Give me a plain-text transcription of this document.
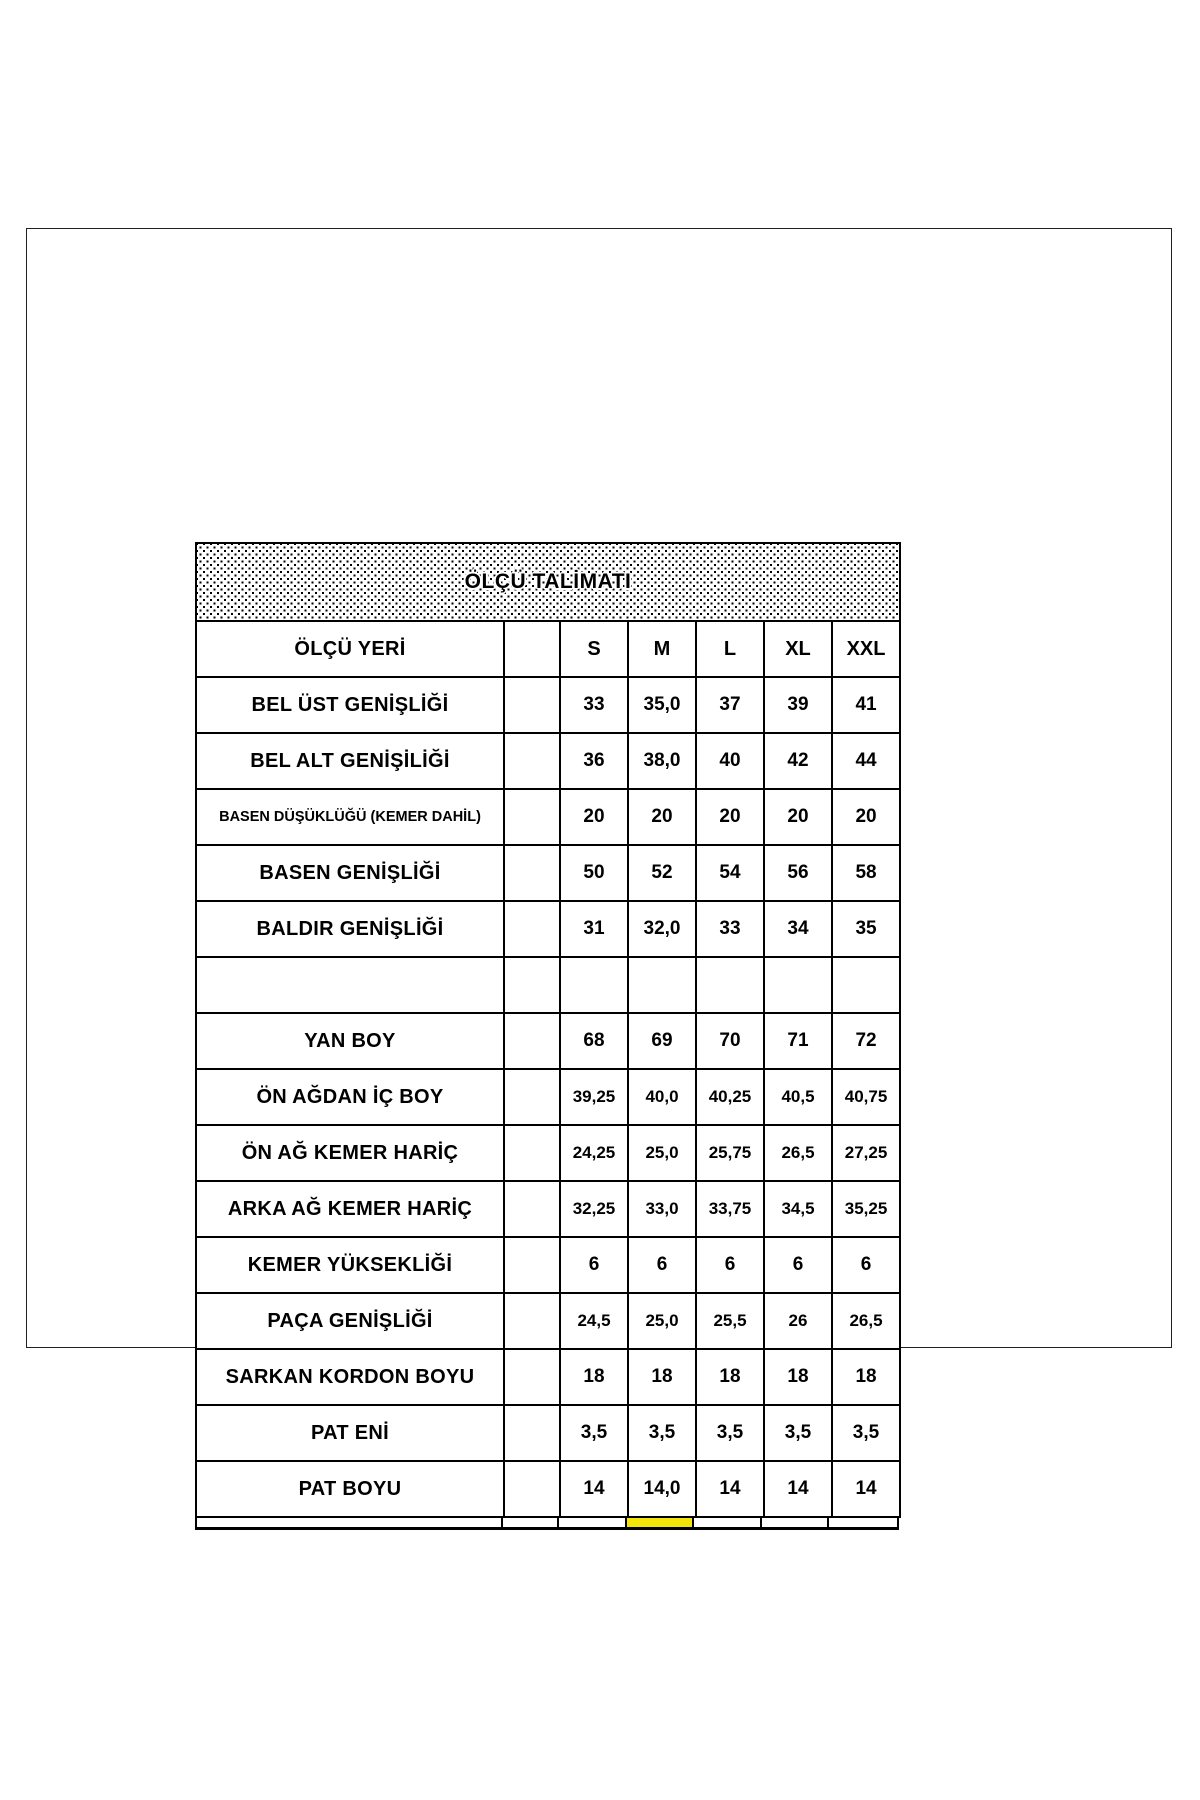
ÖLÇÜ TALİMATI						
ÖLÇÜ YERİ		S	M	L	XL	XXL
BEL ÜST GENİŞLİĞİ		33	35,0	37	39	41
BEL ALT GENİŞİLİĞİ		36	38,0	40	42	44
BASEN DÜŞÜKLÜĞÜ (KEMER DAHİL)		20	20	20	20	20
BASEN GENİŞLİĞİ		50	52	54	56	58
BALDIR GENİŞLİĞİ		31	32,0	33	34	35

YAN BOY		68	69	70	71	72
ÖN AĞDAN İÇ BOY		39,25	40,0	40,25	40,5	40,75
ÖN AĞ KEMER HARİÇ		24,25	25,0	25,75	26,5	27,25
ARKA AĞ KEMER HARİÇ		32,25	33,0	33,75	34,5	35,25
KEMER YÜKSEKLİĞİ		6	6	6	6	6
PAÇA GENİŞLİĞİ		24,5	25,0	25,5	26	26,5
SARKAN KORDON BOYU		18	18	18	18	18
PAT ENİ		3,5	3,5	3,5	3,5	3,5
PAT BOYU		14	14,0	14	14	14
